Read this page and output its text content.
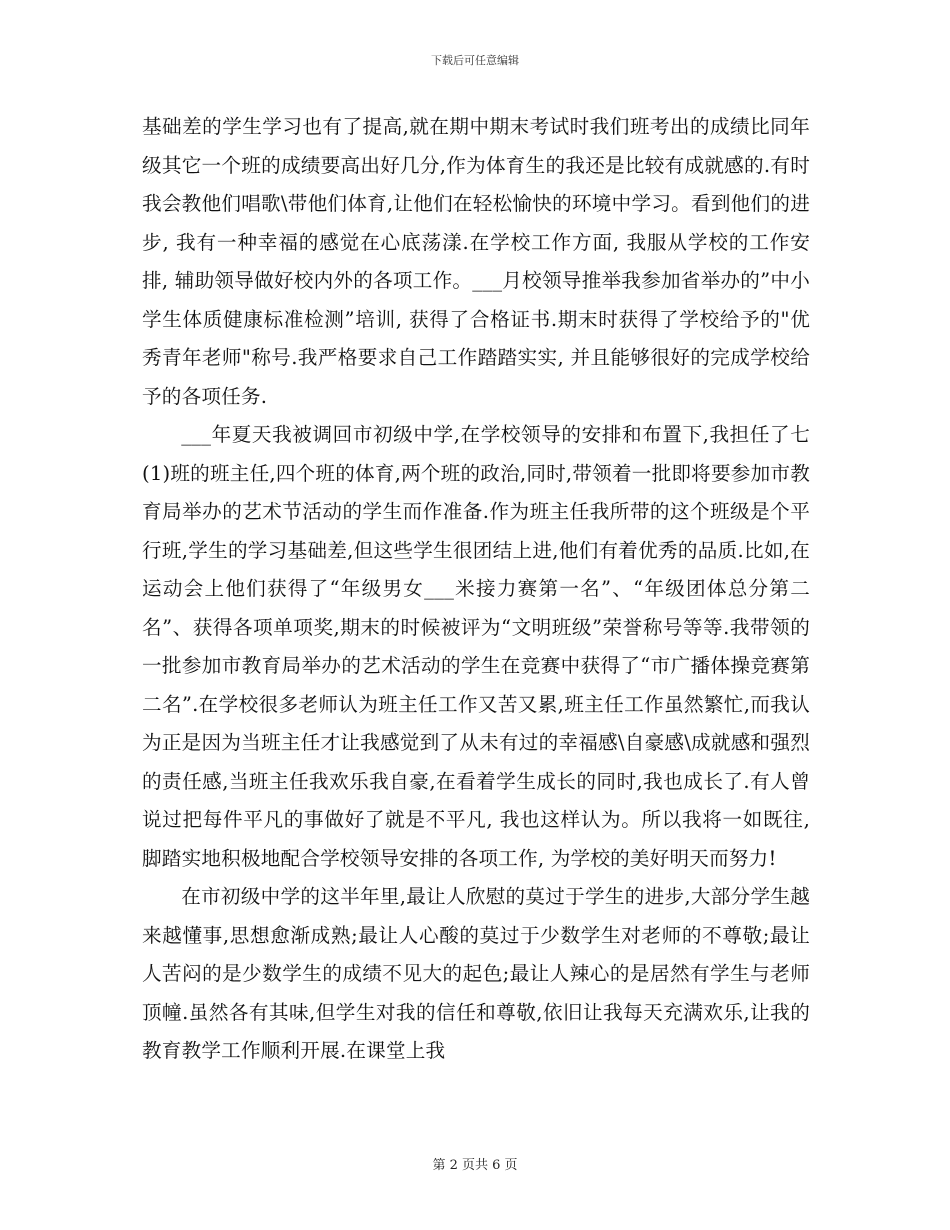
下载后可任意编辑

基础差的学生学习也有了提高,就在期中期末考试时我们班考出的成绩比同年级其它一个班的成绩要高出好几分,作为体育生的我还是比较有成就感的.有时我会教他们唱歌\带他们体育,让他们在轻松愉快的环境中学习。看到他们的进步, 我有一种幸福的感觉在心底荡漾.在学校工作方面, 我服从学校的工作安排, 辅助领导做好校内外的各项工作。___月校领导推举我参加省举办的”中小学生体质健康标准检测”培训, 获得了合格证书.期末时获得了学校给予的"优秀青年老师"称号.我严格要求自己工作踏踏实实, 并且能够很好的完成学校给予的各项任务.

___年夏天我被调回市初级中学,在学校领导的安排和布置下,我担任了七(1)班的班主任,四个班的体育,两个班的政治,同时,带领着一批即将要参加市教育局举办的艺术节活动的学生而作准备.作为班主任我所带的这个班级是个平行班,学生的学习基础差,但这些学生很团结上进,他们有着优秀的品质.比如,在运动会上他们获得了“年级男女___米接力赛第一名”、“年级团体总分第二名”、获得各项单项奖,期末的时候被评为“文明班级”荣誉称号等等.我带领的一批参加市教育局举办的艺术活动的学生在竞赛中获得了“市广播体操竞赛第二名”.在学校很多老师认为班主任工作又苦又累,班主任工作虽然繁忙,而我认为正是因为当班主任才让我感觉到了从未有过的幸福感\自豪感\成就感和强烈的责任感,当班主任我欢乐我自豪,在看着学生成长的同时,我也成长了.有人曾说过把每件平凡的事做好了就是不平凡, 我也这样认为。所以我将一如既往, 脚踏实地积极地配合学校领导安排的各项工作, 为学校的美好明天而努力!

在市初级中学的这半年里,最让人欣慰的莫过于学生的进步,大部分学生越来越懂事,思想愈渐成熟;最让人心酸的莫过于少数学生对老师的不尊敬;最让人苦闷的是少数学生的成绩不见大的起色;最让人辣心的是居然有学生与老师顶幢.虽然各有其味,但学生对我的信任和尊敬,依旧让我每天充满欢乐,让我的教育教学工作顺利开展.在课堂上我

第 2 页共 6 页
